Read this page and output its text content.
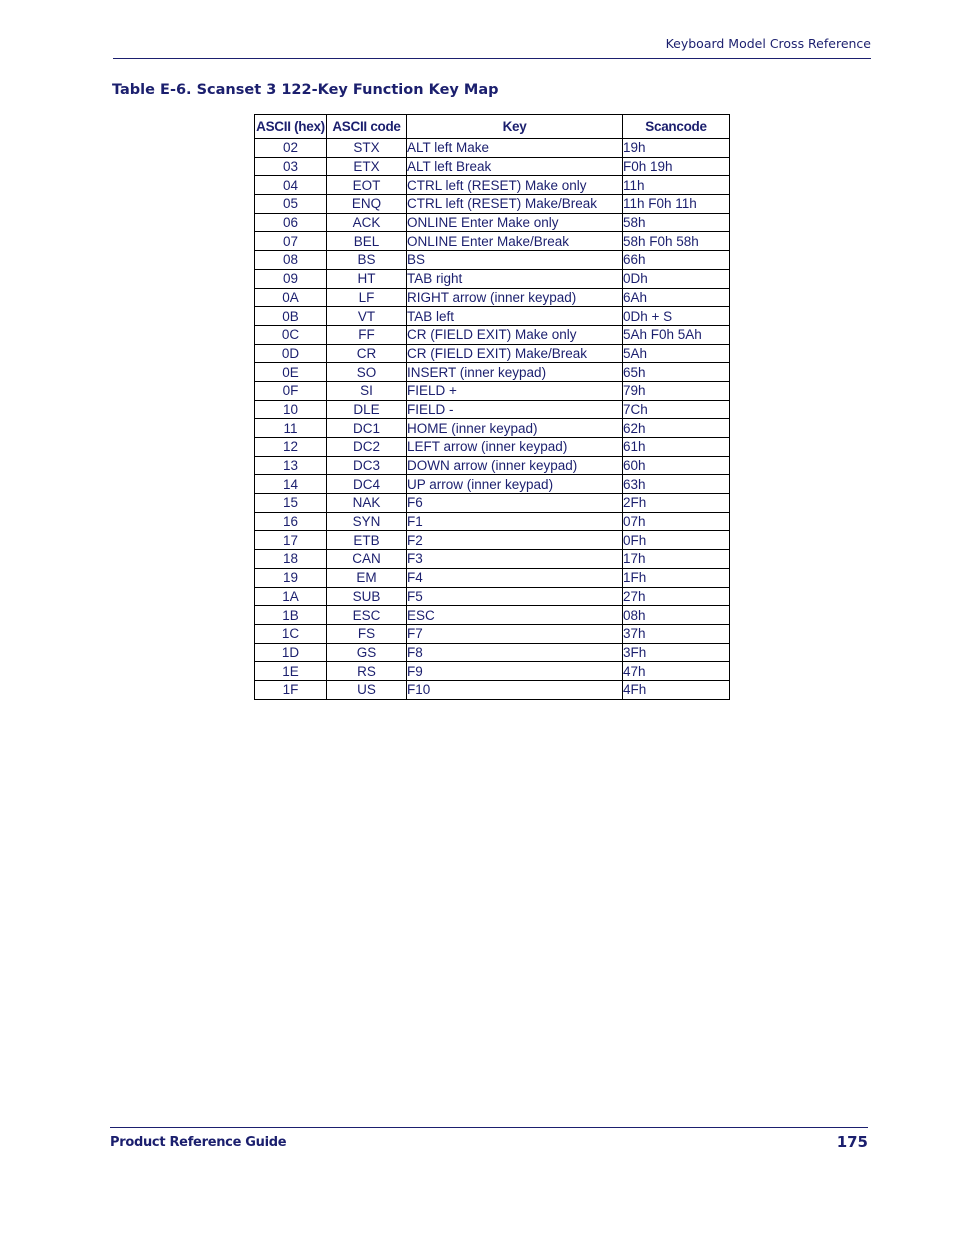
Keyboard Model Cross Reference
Table E-6. Scanset 3 122-Key Function Key Map
ASCII (hex)	ASCII code	Key	Scancode
02	STX	ALT left Make	19h
03	ETX	ALT left Break	F0h 19h
04	EOT	CTRL left (RESET) Make only	11h
05	ENQ	CTRL left (RESET) Make/Break	11h F0h 11h
06	ACK	ONLINE Enter Make only	58h
07	BEL	ONLINE Enter Make/Break	58h F0h 58h
08	BS	BS	66h
09	HT	TAB right	0Dh
0A	LF	RIGHT arrow (inner keypad)	6Ah
0B	VT	TAB left	0Dh + S
0C	FF	CR (FIELD EXIT) Make only	5Ah F0h 5Ah
0D	CR	CR (FIELD EXIT) Make/Break	5Ah
0E	SO	INSERT (inner keypad)	65h
0F	SI	FIELD +	79h
10	DLE	FIELD -	7Ch
11	DC1	HOME (inner keypad)	62h
12	DC2	LEFT arrow (inner keypad)	61h
13	DC3	DOWN arrow (inner keypad)	60h
14	DC4	UP arrow (inner keypad)	63h
15	NAK	F6	2Fh
16	SYN	F1	07h
17	ETB	F2	0Fh
18	CAN	F3	17h
19	EM	F4	1Fh
1A	SUB	F5	27h
1B	ESC	ESC	08h
1C	FS	F7	37h
1D	GS	F8	3Fh
1E	RS	F9	47h
1F	US	F10	4Fh
Product Reference Guide	175
